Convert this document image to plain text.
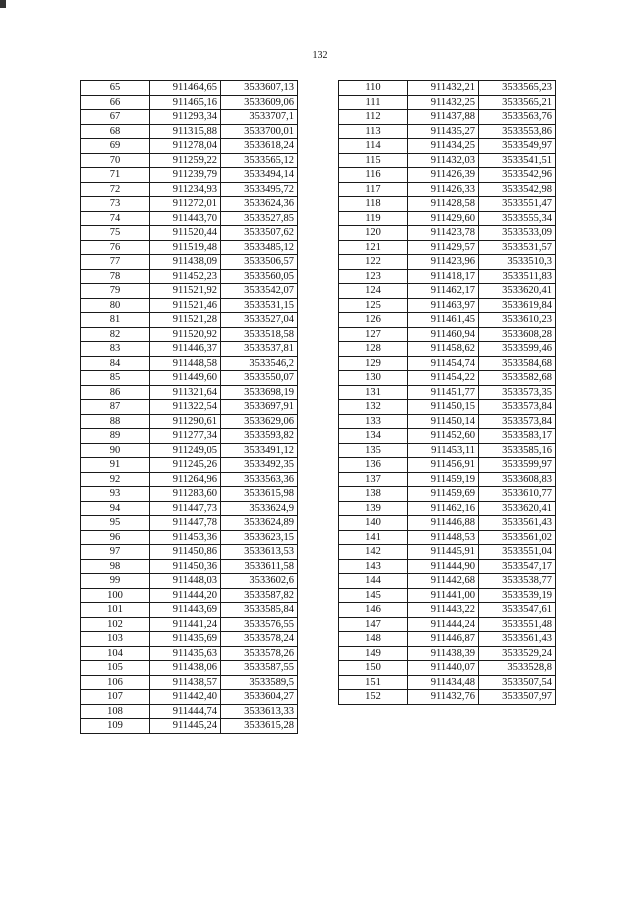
132
65	911464,65	3533607,13
66	911465,16	3533609,06
67	911293,34	3533707,1
68	911315,88	3533700,01
69	911278,04	3533618,24
70	911259,22	3533565,12
71	911239,79	3533494,14
72	911234,93	3533495,72
73	911272,01	3533624,36
74	911443,70	3533527,85
75	911520,44	3533507,62
76	911519,48	3533485,12
77	911438,09	3533506,57
78	911452,23	3533560,05
79	911521,92	3533542,07
80	911521,46	3533531,15
81	911521,28	3533527,04
82	911520,92	3533518,58
83	911446,37	3533537,81
84	911448,58	3533546,2
85	911449,60	3533550,07
86	911321,64	3533698,19
87	911322,54	3533697,91
88	911290,61	3533629,06
89	911277,34	3533593,82
90	911249,05	3533491,12
91	911245,26	3533492,35
92	911264,96	3533563,36
93	911283,60	3533615,98
94	911447,73	3533624,9
95	911447,78	3533624,89
96	911453,36	3533623,15
97	911450,86	3533613,53
98	911450,36	3533611,58
99	911448,03	3533602,6
100	911444,20	3533587,82
101	911443,69	3533585,84
102	911441,24	3533576,55
103	911435,69	3533578,24
104	911435,63	3533578,26
105	911438,06	3533587,55
106	911438,57	3533589,5
107	911442,40	3533604,27
108	911444,74	3533613,33
109	911445,24	3533615,28
110	911432,21	3533565,23
111	911432,25	3533565,21
112	911437,88	3533563,76
113	911435,27	3533553,86
114	911434,25	3533549,97
115	911432,03	3533541,51
116	911426,39	3533542,96
117	911426,33	3533542,98
118	911428,58	3533551,47
119	911429,60	3533555,34
120	911423,78	3533533,09
121	911429,57	3533531,57
122	911423,96	3533510,3
123	911418,17	3533511,83
124	911462,17	3533620,41
125	911463,97	3533619,84
126	911461,45	3533610,23
127	911460,94	3533608,28
128	911458,62	3533599,46
129	911454,74	3533584,68
130	911454,22	3533582,68
131	911451,77	3533573,35
132	911450,15	3533573,84
133	911450,14	3533573,84
134	911452,60	3533583,17
135	911453,11	3533585,16
136	911456,91	3533599,97
137	911459,19	3533608,83
138	911459,69	3533610,77
139	911462,16	3533620,41
140	911446,88	3533561,43
141	911448,53	3533561,02
142	911445,91	3533551,04
143	911444,90	3533547,17
144	911442,68	3533538,77
145	911441,00	3533539,19
146	911443,22	3533547,61
147	911444,24	3533551,48
148	911446,87	3533561,43
149	911438,39	3533529,24
150	911440,07	3533528,8
151	911434,48	3533507,54
152	911432,76	3533507,97
